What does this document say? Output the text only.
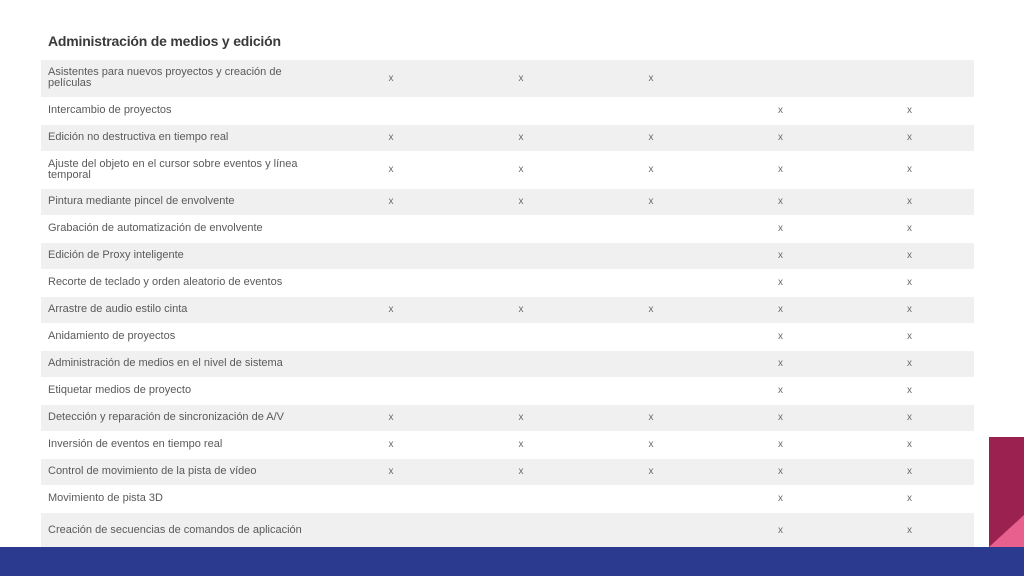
Administración de medios y edición
Asistentes para nuevos proyectos y creación de películas	x	x	x		
Intercambio de proyectos				x	x
Edición no destructiva en tiempo real	x	x	x	x	x
Ajuste del objeto en el cursor sobre eventos y línea temporal	x	x	x	x	x
Pintura mediante pincel de envolvente	x	x	x	x	x
Grabación de automatización de envolvente				x	x
Edición de Proxy inteligente				x	x
Recorte de teclado y orden aleatorio de eventos				x	x
Arrastre de audio estilo cinta	x	x	x	x	x
Anidamiento de proyectos				x	x
Administración de medios en el nivel de sistema				x	x
Etiquetar medios de proyecto				x	x
Detección y reparación de sincronización de A/V	x	x	x	x	x
Inversión de eventos en tiempo real	x	x	x	x	x
Control de movimiento de la pista de vídeo	x	x	x	x	x
Movimiento de pista 3D				x	x
Creación de secuencias de comandos de aplicación				x	x
